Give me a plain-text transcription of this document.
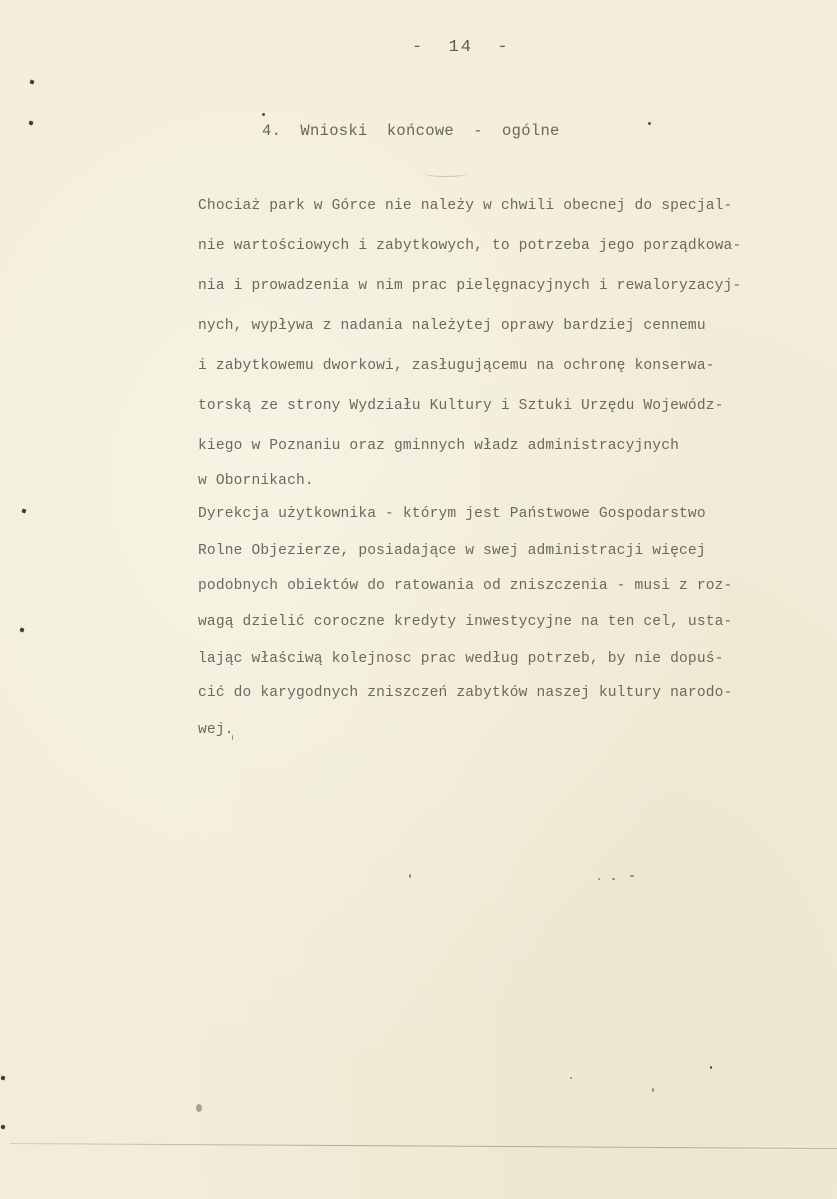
-  14  -
4.  Wnioski  końcowe  -  ogólne
Chociaż park w Górce nie należy w chwili obecnej do specjal-
nie wartościowych i zabytkowych, to potrzeba jego porządkowa-
nia i prowadzenia w nim prac pielęgnacyjnych i rewaloryzacyj-
nych, wypływa z nadania należytej oprawy bardziej cennemu
i zabytkowemu dworkowi, zasługującemu na ochronę konserwa-
torską ze strony Wydziału Kultury i Sztuki Urzędu Wojewódz-
kiego w Poznaniu oraz gminnych władz administracyjnych
w Obornikach.
Dyrekcja użytkownika - którym jest Państwowe Gospodarstwo
Rolne Objezierze, posiadające w swej administracji więcej
podobnych obiektów do ratowania od zniszczenia - musi z roz-
wagą dzielić coroczne kredyty inwestycyjne na ten cel, usta-
lając właściwą kolejnosc prac według potrzeb, by nie dopuś-
cić do karygodnych zniszczeń zabytków naszej kultury narodo-
wej.
